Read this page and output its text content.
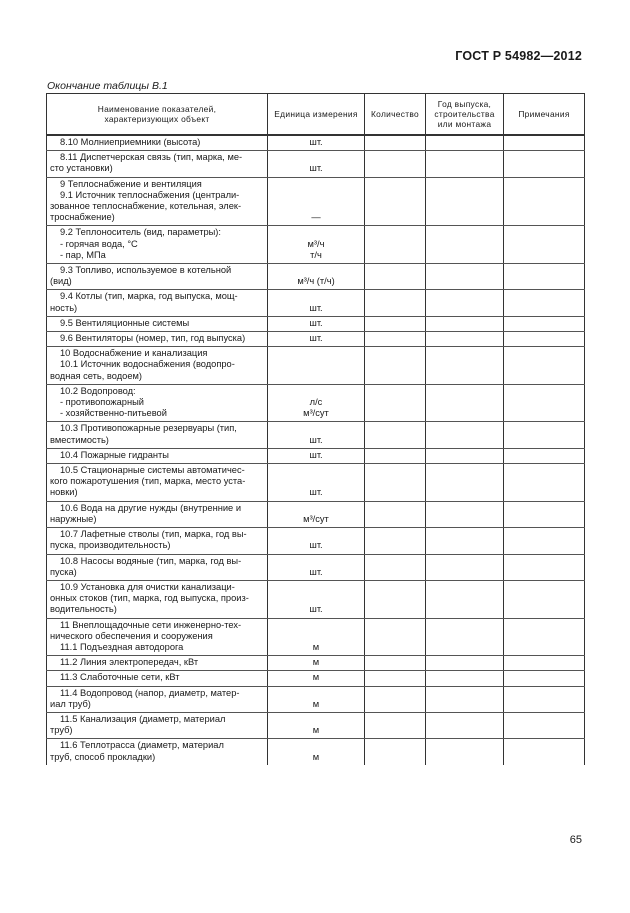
ГОСТ Р 54982—2012
Окончание таблицы В.1
Наименование показателей,
характеризующих объект	Единица измерения	Количество	Год выпуска,
строительства
или монтажа	Примечания

8.10 Молниеприемники (высота)	шт.			

8.11 Диспетчерская связь (тип, марка, ме-
сто установки)	шт.			

9 Теплоснабжение и вентиляция
9.1 Источник теплоснабжения (централи-
зованное теплоснабжение, котельная, элек-
троснабжение)	—			

9.2 Теплоноситель (вид, параметры):
- горячая вода, °C
- пар, МПа	м³/ч
т/ч			

9.3 Топливо, используемое в котельной
(вид)	м³/ч (т/ч)			

9.4 Котлы (тип, марка, год выпуска, мощ-
ность)	шт.			

9.5 Вентиляционные системы	шт.			

9.6 Вентиляторы (номер, тип, год выпуска)	шт.			

10 Водоснабжение и канализация
10.1 Источник водоснабжения (водопро-
водная сеть, водоем)				

10.2 Водопровод:
- противопожарный
- хозяйственно-питьевой	л/с
м³/сут			

10.3 Противопожарные резервуары (тип,
вместимость)	шт.			

10.4 Пожарные гидранты	шт.			

10.5 Стационарные системы автоматичес-
кого пожаротушения (тип, марка, место уста-
новки)	шт.			

10.6 Вода на другие нужды (внутренние и
наружные)	м³/сут			

10.7 Лафетные стволы (тип, марка, год вы-
пуска, производительность)	шт.			

10.8 Насосы водяные (тип, марка, год вы-
пуска)	шт.			

10.9 Установка для очистки канализаци-
онных стоков (тип, марка, год выпуска, произ-
водительность)	шт.			

11 Внеплощадочные сети инженерно-тех-
нического обеспечения и сооружения
11.1 Подъездная автодорога	м			

11.2 Линия электропередач, кВт	м			

11.3 Слаботочные сети, кВт	м			

11.4 Водопровод (напор, диаметр, матер-
иал труб)	м			

11.5 Канализация (диаметр, материал
труб)	м			

11.6 Теплотрасса (диаметр, материал
труб, способ прокладки)	м			

65
